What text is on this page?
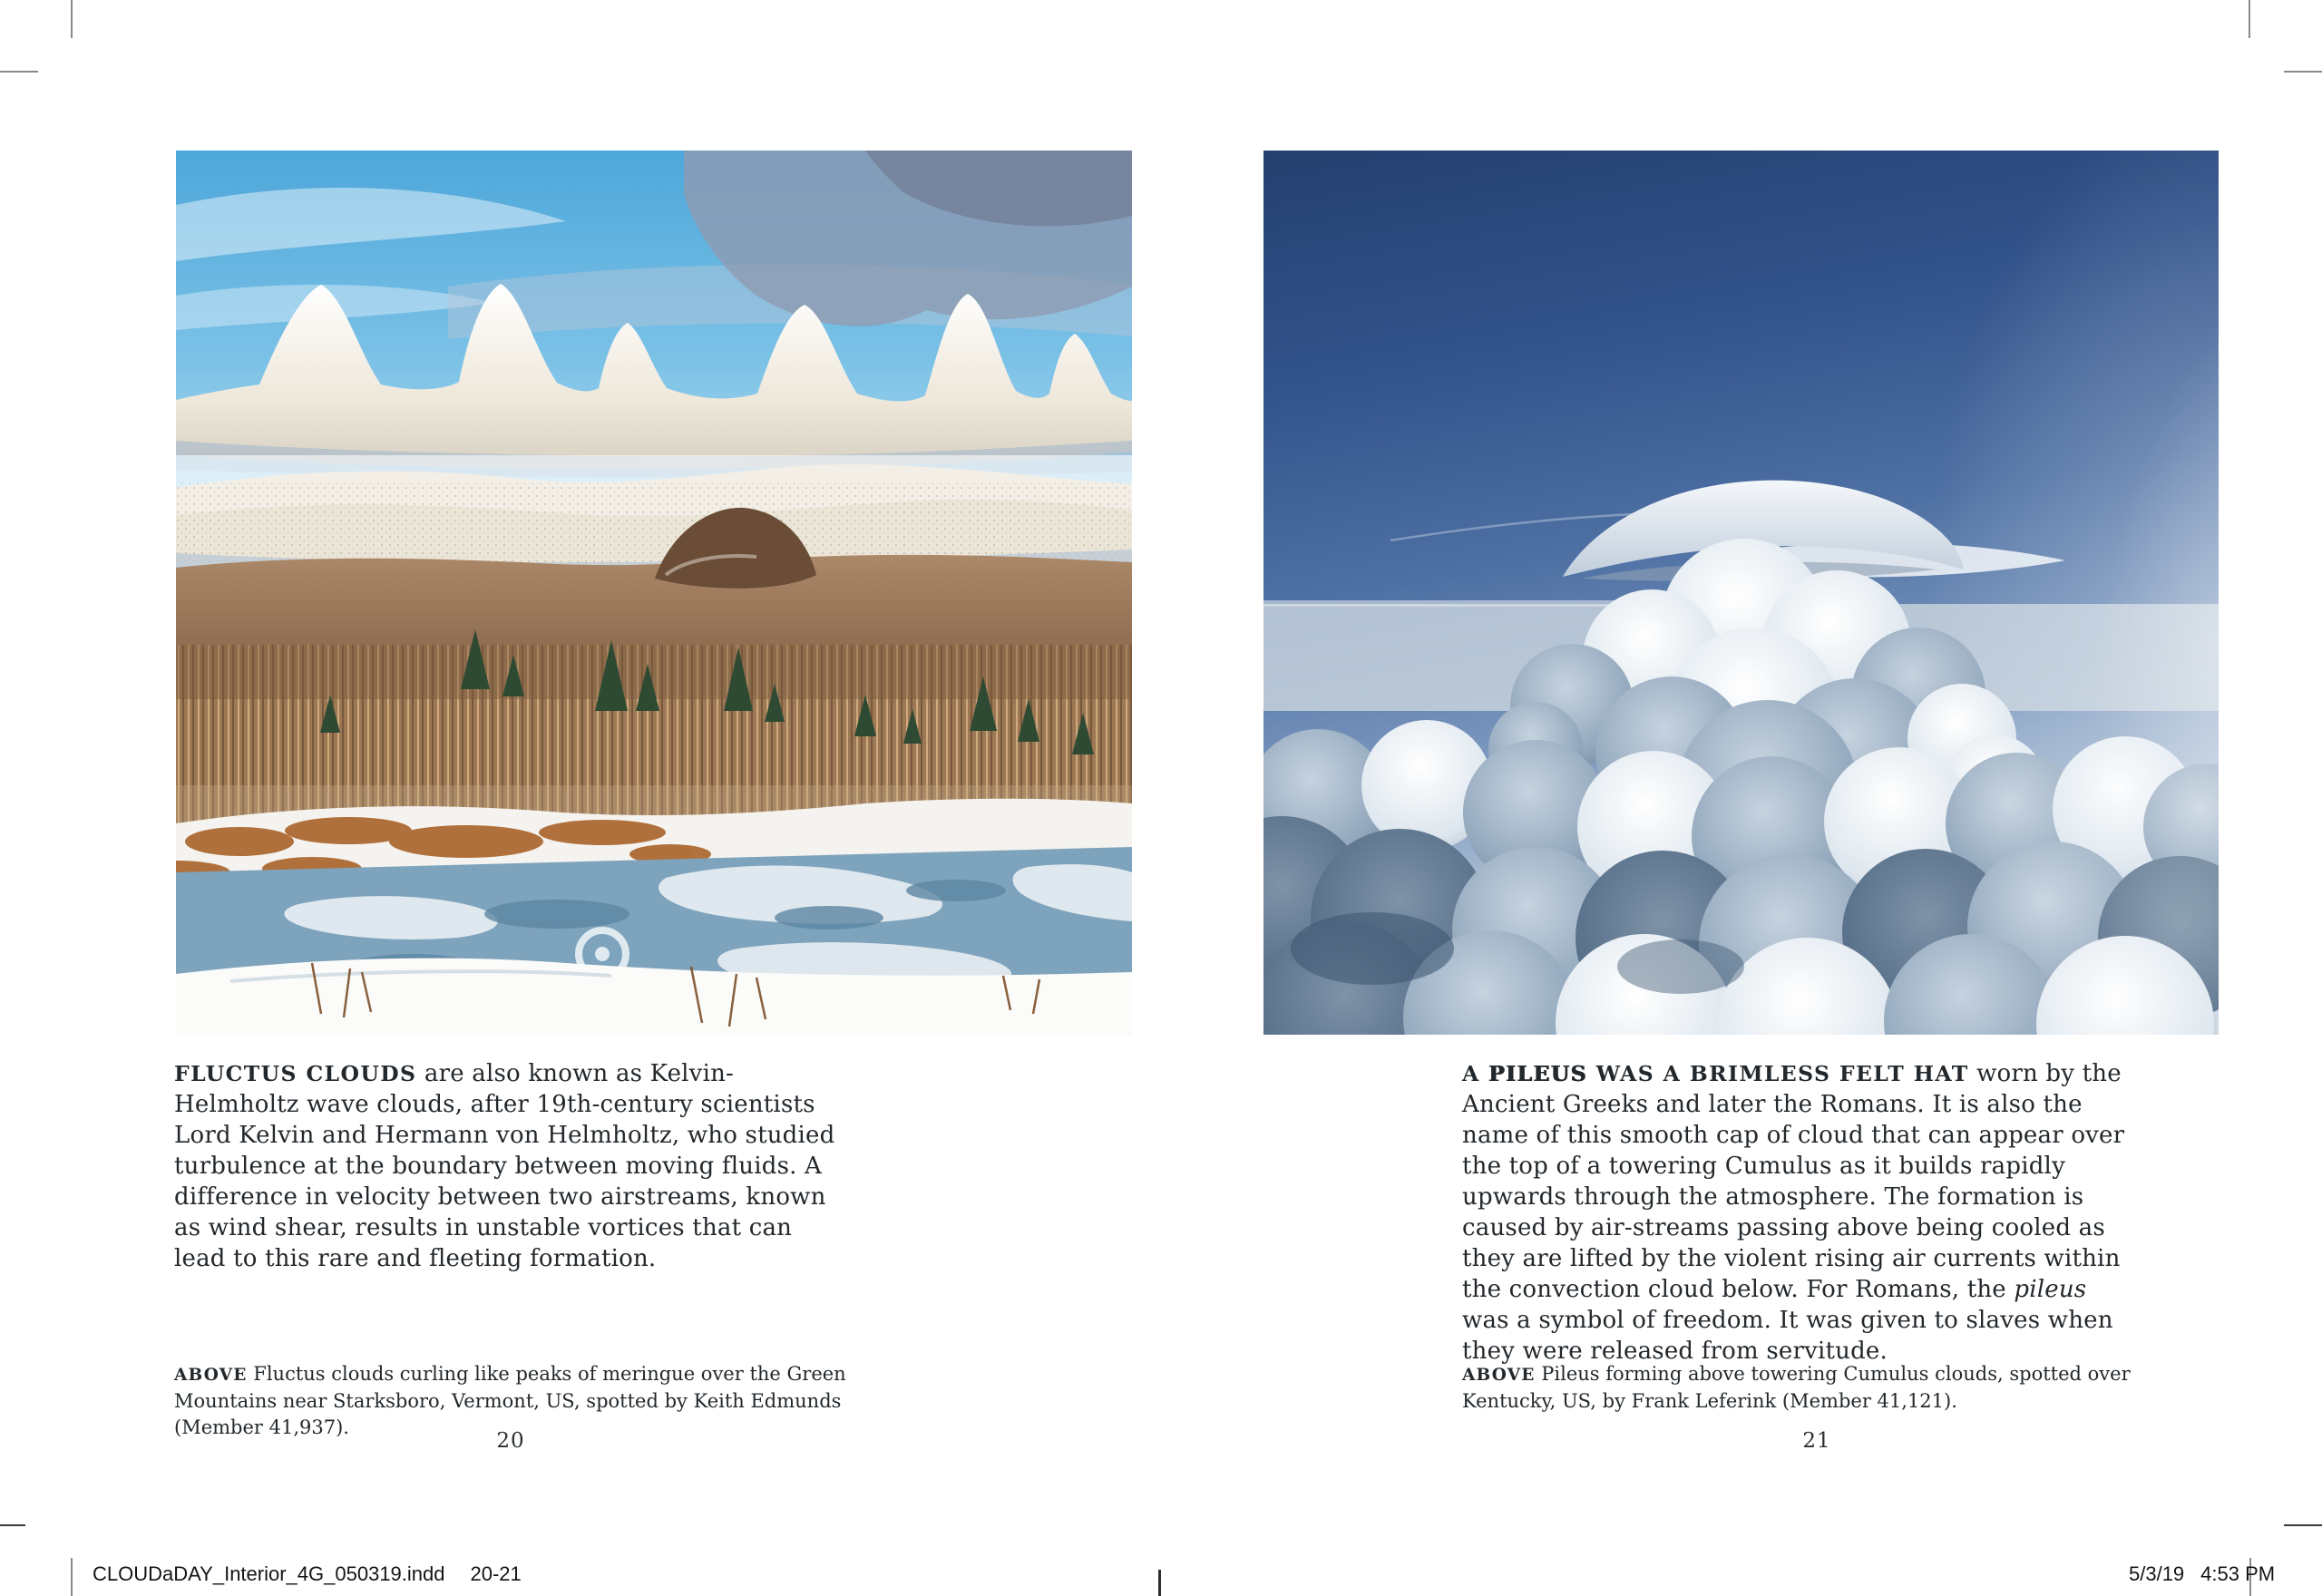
FLUCTUS CLOUDS are also known as Kelvin-Helmholtz wave clouds, after 19th-century scientists Lord Kelvin and Hermann von Helmholtz, who studied turbulence at the boundary between moving fluids. A difference in velocity between two airstreams, known as wind shear, results in unstable vortices that can lead to this rare and fleeting formation.

ABOVE Fluctus clouds curling like peaks of meringue over the Green Mountains near Starksboro, Vermont, US, spotted by Keith Edmunds (Member 41,937).

20

A PILEUS WAS A BRIMLESS FELT HAT worn by the Ancient Greeks and later the Romans. It is also the name of this smooth cap of cloud that can appear over the top of a towering Cumulus as it builds rapidly upwards through the atmosphere. The formation is caused by air-streams passing above being cooled as they are lifted by the violent rising air currents within the convection cloud below. For Romans, the pileus was a symbol of freedom. It was given to slaves when they were released from servitude.

ABOVE Pileus forming above towering Cumulus clouds, spotted over Kentucky, US, by Frank Leferink (Member 41,121).

21
CLOUDaDAY_Interior_4G_050319.indd 20-21	5/3/19 4:53 PM
